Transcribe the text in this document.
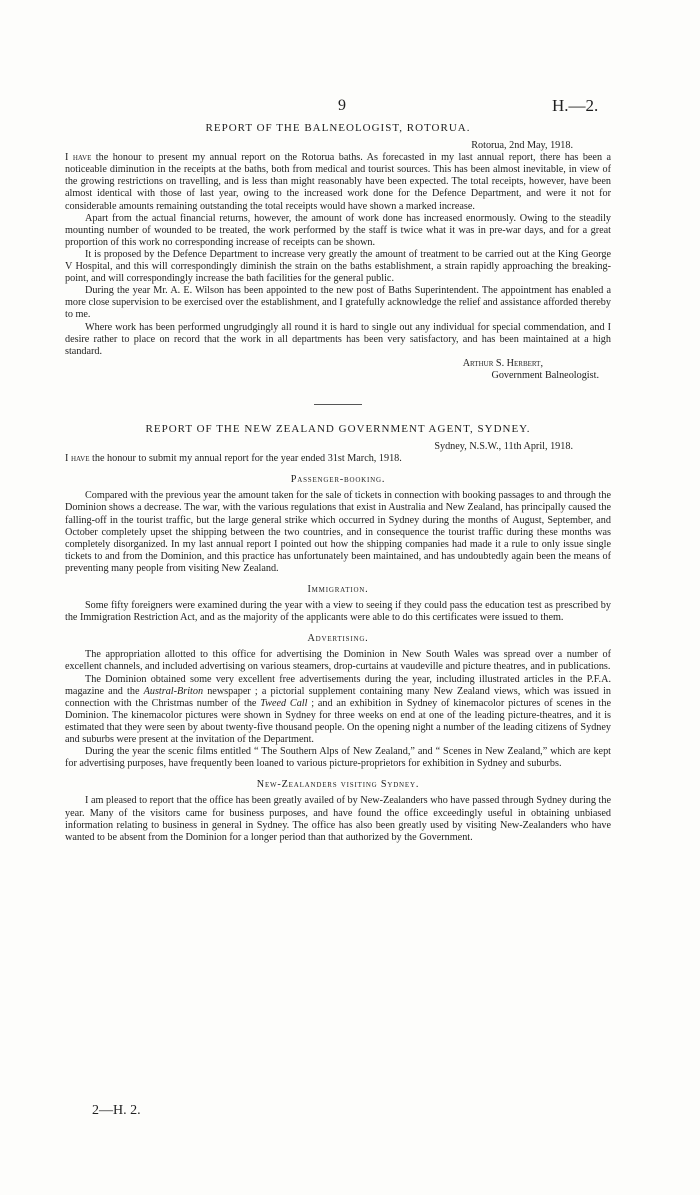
9	H.—2.
REPORT OF THE BALNEOLOGIST, ROTORUA.
Rotorua, 2nd May, 1918.

I have the honour to present my annual report on the Rotorua baths. As forecasted in my last annual report, there has been a noticeable diminution in the receipts at the baths, both from medical and tourist sources. This has been almost inevitable, in view of the growing restrictions on travelling, and is less than might reasonably have been expected. The total receipts, however, have been almost identical with those of last year, owing to the increased work done for the Defence Department, and were it not for considerable amounts remaining outstanding the total receipts would have shown a marked increase.

Apart from the actual financial returns, however, the amount of work done has increased enormously. Owing to the steadily mounting number of wounded to be treated, the work performed by the staff is twice what it was in pre-war days, and for a great proportion of this work no corresponding increase of receipts can be shown.

It is proposed by the Defence Department to increase very greatly the amount of treatment to be carried out at the King George V Hospital, and this will correspondingly diminish the strain on the baths establishment, a strain rapidly approaching the breaking-point, and will correspondingly increase the bath facilities for the general public.

During the year Mr. A. E. Wilson has been appointed to the new post of Baths Superintendent. The appointment has enabled a more close supervision to be exercised over the establishment, and I gratefully acknowledge the relief and assistance afforded thereby to me.

Where work has been performed ungrudgingly all round it is hard to single out any individual for special commendation, and I desire rather to place on record that the work in all departments has been very satisfactory, and has been maintained at a high standard.

Arthur S. Herbert,
Government Balneologist.
REPORT OF THE NEW ZEALAND GOVERNMENT AGENT, SYDNEY.
Sydney, N.S.W., 11th April, 1918.

I have the honour to submit my annual report for the year ended 31st March, 1918.

Passenger-booking.

Compared with the previous year the amount taken for the sale of tickets in connection with booking passages to and through the Dominion shows a decrease. The war, with the various regulations that exist in Australia and New Zealand, has principally caused the falling-off in the tourist traffic, but the large general strike which occurred in Sydney during the months of August, September, and October completely upset the shipping between the two countries, and in consequence the tourist traffic during these months was completely disorganized. In my last annual report I pointed out how the shipping companies had made it a rule to only issue single tickets to and from the Dominion, and this practice has unfortunately been maintained, and has undoubtedly again been the means of preventing many people from visiting New Zealand.

Immigration.

Some fifty foreigners were examined during the year with a view to seeing if they could pass the education test as prescribed by the Immigration Restriction Act, and as the majority of the applicants were able to do this certificates were issued to them.

Advertising.

The appropriation allotted to this office for advertising the Dominion in New South Wales was spread over a number of excellent channels, and included advertising on various steamers, drop-curtains at vaudeville and picture theatres, and in publications.

The Dominion obtained some very excellent free advertisements during the year, including illustrated articles in the P.F.A. magazine and the Austral-Briton newspaper ; a pictorial supplement containing many New Zealand views, which was issued in connection with the Christmas number of the Tweed Call ; and an exhibition in Sydney of kinemacolor pictures of scenes in the Dominion. The kinemacolor pictures were shown in Sydney for three weeks on end at one of the leading picture-theatres, and it is estimated that they were seen by about twenty-five thousand people. On the opening night a number of the leading citizens of Sydney and suburbs were present at the invitation of the Department.

During the year the scenic films entitled “ The Southern Alps of New Zealand,” and “ Scenes in New Zealand,” which are kept for advertising purposes, have frequently been loaned to various picture-proprietors for exhibition in Sydney and suburbs.

New-Zealanders visiting Sydney.

I am pleased to report that the office has been greatly availed of by New-Zealanders who have passed through Sydney during the year. Many of the visitors came for business purposes, and have found the office exceedingly useful in obtaining unbiased information relating to business in general in Sydney. The office has also been greatly used by visiting New-Zealanders who have wanted to be absent from the Dominion for a longer period than that authorized by the Government.

2—H. 2.
